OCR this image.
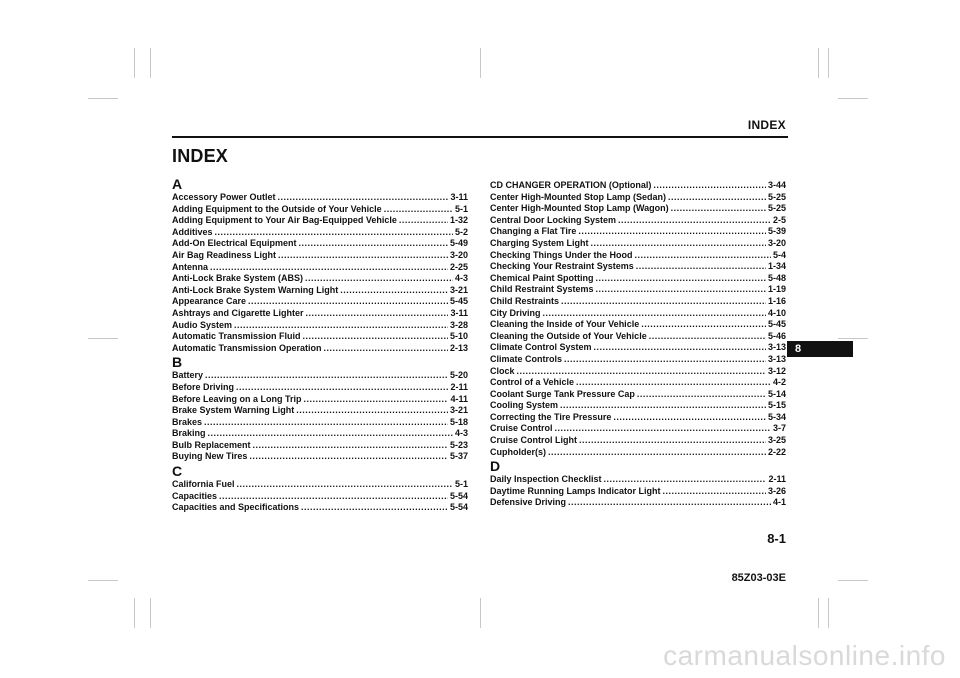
INDEX
8
INDEX
A
Accessory Power Outlet .....	3-11
Adding Equipment to the Outside of Your Vehicle .....	5-1
Adding Equipment to Your Air Bag-Equipped Vehicle .....	1-32
Additives .....	5-2
Add-On Electrical Equipment .....	5-49
Air Bag Readiness Light .....	3-20
Antenna .....	2-25
Anti-Lock Brake System (ABS) .....	4-3
Anti-Lock Brake System Warning Light .....	3-21
Appearance Care .....	5-45
Ashtrays and Cigarette Lighter .....	3-11
Audio System .....	3-28
Automatic Transmission Fluid .....	5-10
Automatic Transmission Operation .....	2-13
B
Battery .....	5-20
Before Driving .....	2-11
Before Leaving on a Long Trip .....	4-11
Brake System Warning Light .....	3-21
Brakes .....	5-18
Braking .....	4-3
Bulb Replacement .....	5-23
Buying New Tires .....	5-37
C
California Fuel .....	5-1
Capacities .....	5-54
Capacities and Specifications .....	5-54
CD CHANGER OPERATION (Optional) .....	3-44
Center High-Mounted Stop Lamp (Sedan) .....	5-25
Center High-Mounted Stop Lamp (Wagon) .....	5-25
Central Door Locking System .....	2-5
Changing a Flat Tire .....	5-39
Charging System Light .....	3-20
Checking Things Under the Hood .....	5-4
Checking Your Restraint Systems .....	1-34
Chemical Paint Spotting .....	5-48
Child Restraint Systems .....	1-19
Child Restraints .....	1-16
City Driving .....	4-10
Cleaning the Inside of Your Vehicle .....	5-45
Cleaning the Outside of Your Vehicle .....	5-46
Climate Control System .....	3-13
Climate Controls .....	3-13
Clock .....	3-12
Control of a Vehicle .....	4-2
Coolant Surge Tank Pressure Cap .....	5-14
Cooling System .....	5-15
Correcting the Tire Pressure .....	5-34
Cruise Control .....	3-7
Cruise Control Light .....	3-25
Cupholder(s) .....	2-22
D
Daily Inspection Checklist .....	2-11
Daytime Running Lamps Indicator Light .....	3-26
Defensive Driving .....	4-1
8-1
85Z03-03E
carmanualsonline.info
